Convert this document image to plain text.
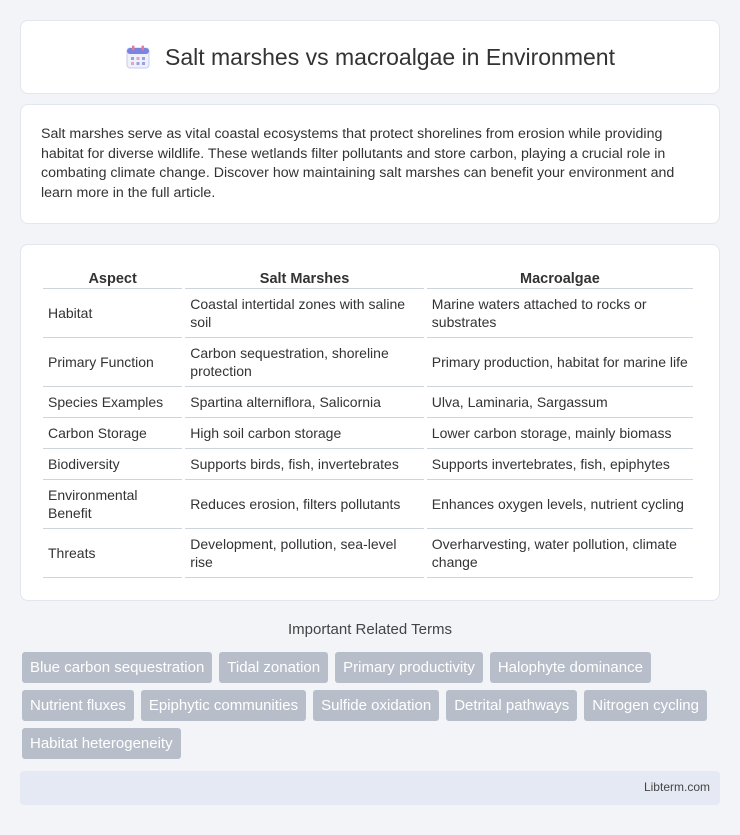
Salt marshes vs macroalgae in Environment

Salt marshes serve as vital coastal ecosystems that protect shorelines from erosion while providing habitat for diverse wildlife. These wetlands filter pollutants and store carbon, playing a crucial role in combating climate change. Discover how maintaining salt marshes can benefit your environment and learn more in the full article.

Aspect	Salt Marshes	Macroalgae
Habitat	Coastal intertidal zones with saline soil	Marine waters attached to rocks or substrates
Primary Function	Carbon sequestration, shoreline protection	Primary production, habitat for marine life
Species Examples	Spartina alterniflora, Salicornia	Ulva, Laminaria, Sargassum
Carbon Storage	High soil carbon storage	Lower carbon storage, mainly biomass
Biodiversity	Supports birds, fish, invertebrates	Supports invertebrates, fish, epiphytes
Environmental Benefit	Reduces erosion, filters pollutants	Enhances oxygen levels, nutrient cycling
Threats	Development, pollution, sea-level rise	Overharvesting, water pollution, climate change
Important Related Terms
Blue carbon sequestration	Tidal zonation	Primary productivity	Halophyte dominance
Nutrient fluxes	Epiphytic communities	Sulfide oxidation	Detrital pathways	Nitrogen cycling
Habitat heterogeneity
Libterm.com
